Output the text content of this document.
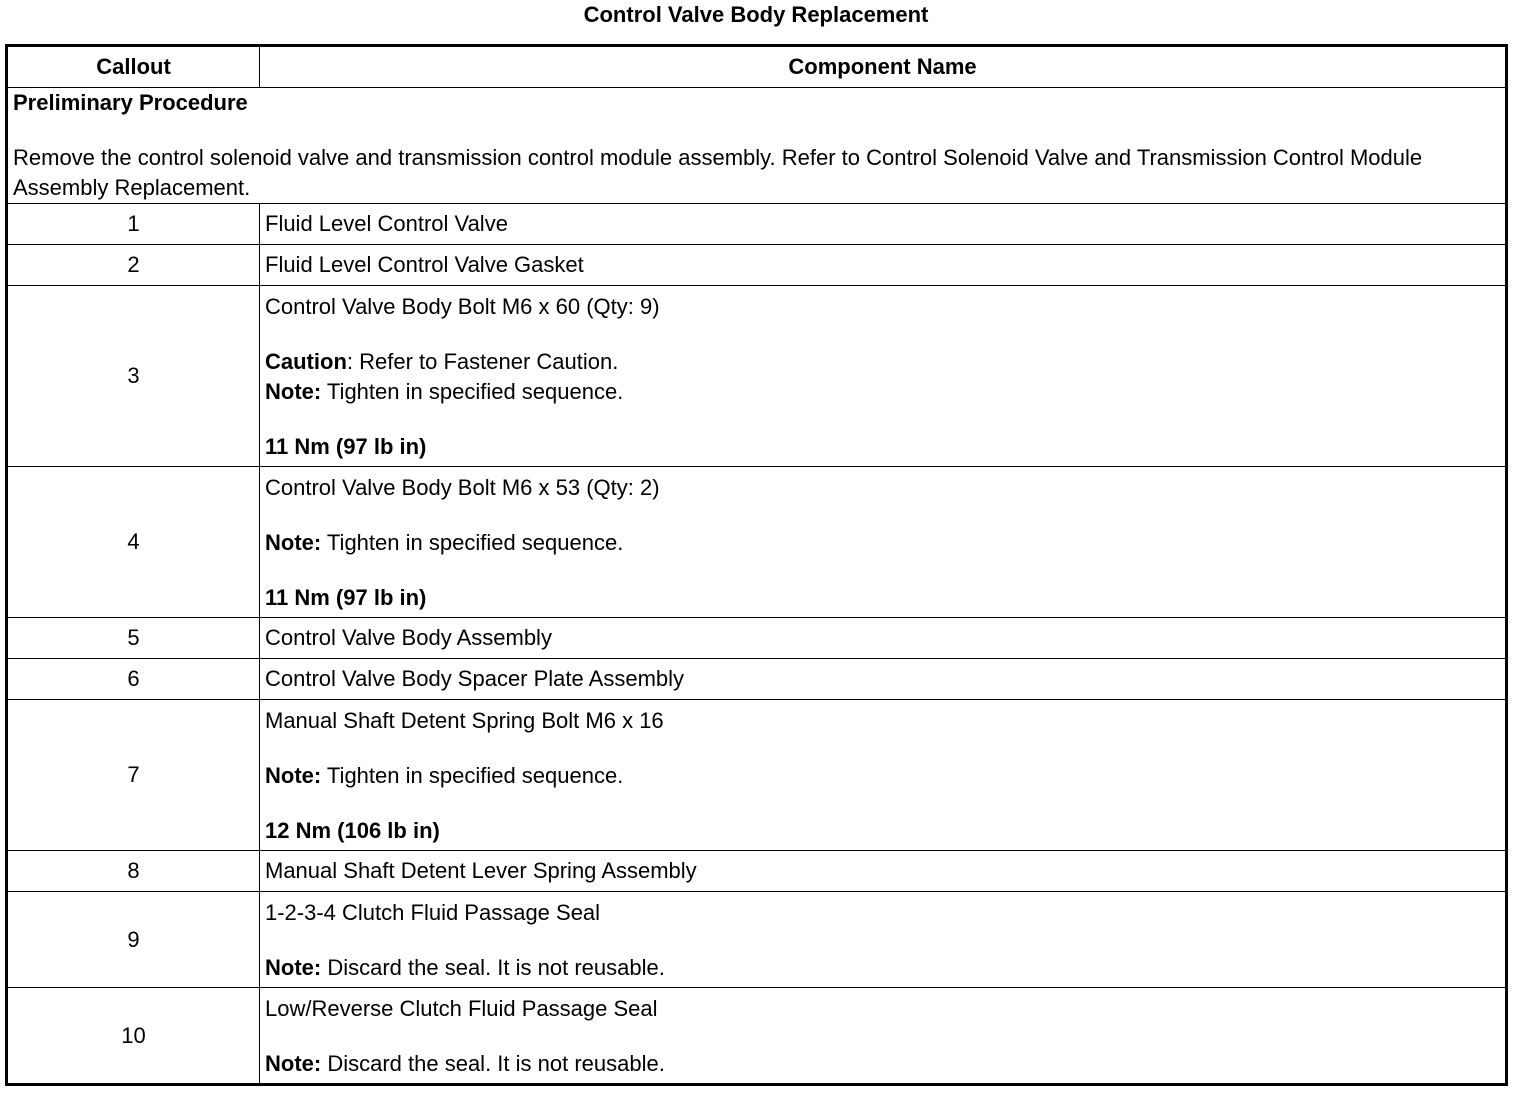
Control Valve Body Replacement
Callout	Component Name

Preliminary Procedure
Remove the control solenoid valve and transmission control module assembly. Refer to Control Solenoid Valve and Transmission Control Module Assembly Replacement.	

1	Fluid Level Control Valve
2	Fluid Level Control Valve Gasket
3	Control Valve Body Bolt M6 x 60 (Qty: 9)
Caution: Refer to Fastener Caution.
Note: Tighten in specified sequence.
11 Nm (97 lb in)

4	Control Valve Body Bolt M6 x 53 (Qty: 2)
Note: Tighten in specified sequence.
11 Nm (97 lb in)

5	Control Valve Body Assembly
6	Control Valve Body Spacer Plate Assembly
7	Manual Shaft Detent Spring Bolt M6 x 16
Note: Tighten in specified sequence.
12 Nm (106 lb in)

8	Manual Shaft Detent Lever Spring Assembly
9	1-2-3-4 Clutch Fluid Passage Seal
Note: Discard the seal. It is not reusable.

10	Low/Reverse Clutch Fluid Passage Seal
Note: Discard the seal. It is not reusable.
